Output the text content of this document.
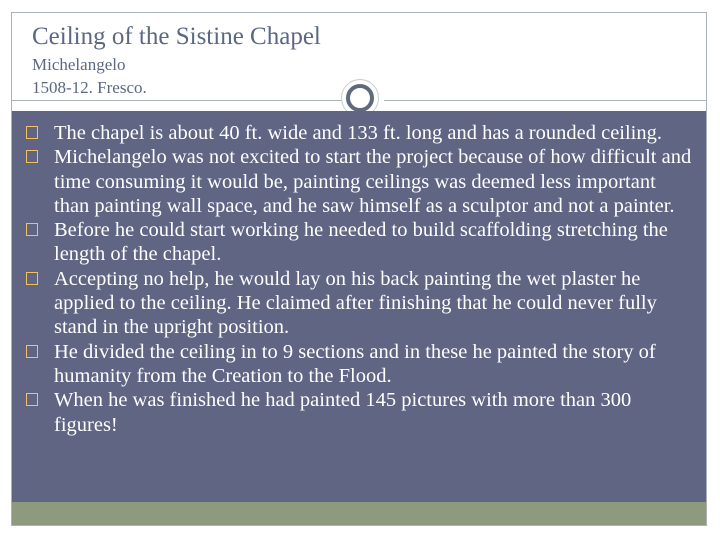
Ceiling of the Sistine Chapel
Michelangelo
1508-12. Fresco.
The chapel is about 40 ft. wide and 133 ft. long and has a rounded ceiling.
Michelangelo was not excited to start the project because of how difficult and time consuming it would be, painting ceilings was deemed less important than painting wall space, and he saw himself as a sculptor and not a painter.
Before he could start working he needed to build scaffolding stretching the length of the chapel.
Accepting no help, he would lay on his back painting the wet plaster he applied to the ceiling. He claimed after finishing that he could never fully stand in the upright position.
He divided the ceiling in to 9 sections and in these he painted the story of humanity from the Creation to the Flood.
When he was finished he had painted 145 pictures with more than 300 figures!
